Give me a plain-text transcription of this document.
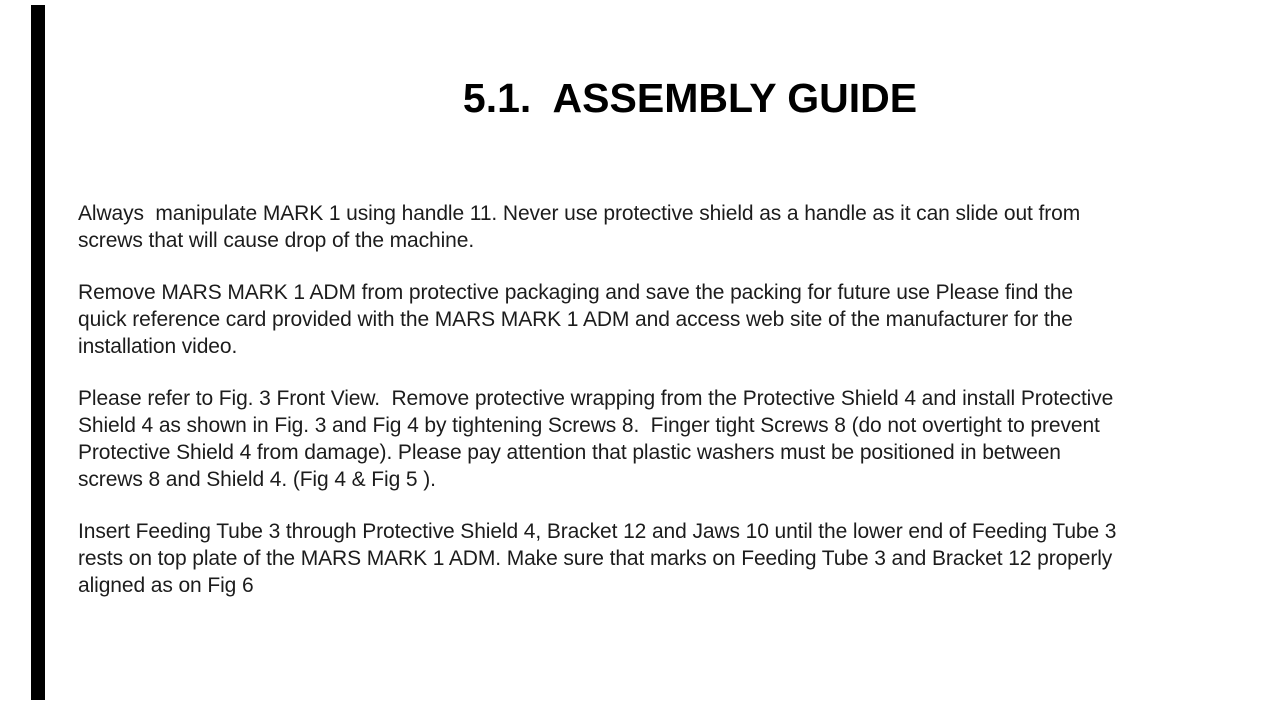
5.1.  ASSEMBLY GUIDE
Always  manipulate MARK 1 using handle 11. Never use protective shield as a handle as it can slide out from
screws that will cause drop of the machine.
Remove MARS MARK 1 ADM from protective packaging and save the packing for future use Please find the
quick reference card provided with the MARS MARK 1 ADM and access web site of the manufacturer for the
installation video.
Please refer to Fig. 3 Front View.  Remove protective wrapping from the Protective Shield 4 and install Protective
Shield 4 as shown in Fig. 3 and Fig 4 by tightening Screws 8.  Finger tight Screws 8 (do not overtight to prevent
Protective Shield 4 from damage). Please pay attention that plastic washers must be positioned in between
screws 8 and Shield 4. (Fig 4 & Fig 5 ).
Insert Feeding Tube 3 through Protective Shield 4, Bracket 12 and Jaws 10 until the lower end of Feeding Tube 3
rests on top plate of the MARS MARK 1 ADM. Make sure that marks on Feeding Tube 3 and Bracket 12 properly
aligned as on Fig 6
